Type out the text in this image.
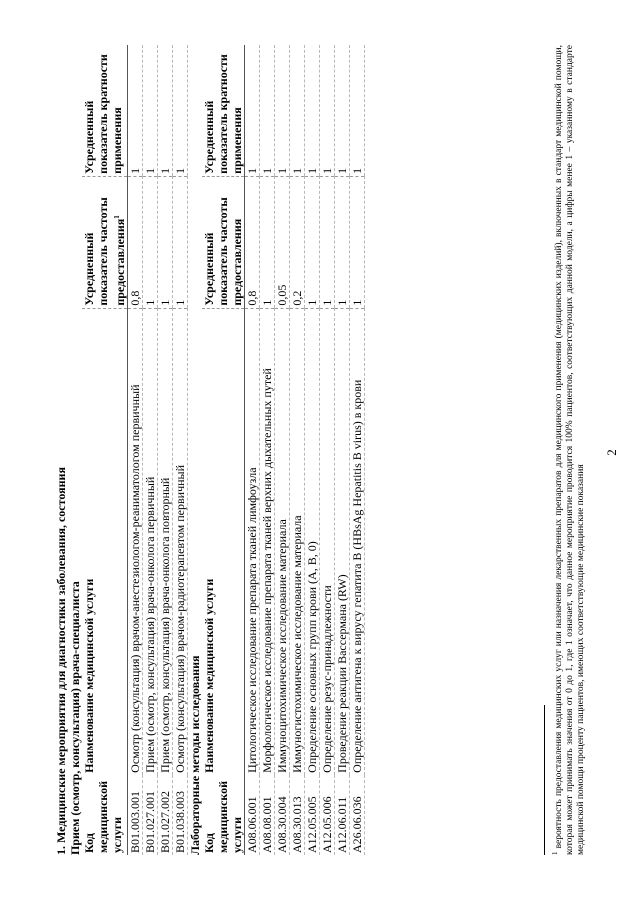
1. Медицинские мероприятия для диагностики заболевания, состояния Прием (осмотр, консультация) врача-специалиста Код медицинской услуги	Наименование медицинской услуги	Усредненный показатель частоты предоставления$^1$	Усредненный показатель кратности применения
B01.003.001	Осмотр (консультация) врачом-анестезиологом-реаниматологом первичный	0,8	1
B01.027.001	Прием (осмотр, консультация) врача-онколога первичный	1	1
B01.027.002	Прием (осмотр, консультация) врача-онколога повторный	1	1
B01.038.003	Осмотр (консультация) врачом-радиотерапевтом первичный	1	1
Лабораторные методы исследования Код медицинской услуги	Наименование медицинской услуги	Усредненный показатель частоты предоставления	Усредненный показатель кратности применения
A08.06.001	Цитологическое исследование препарата тканей лимфоузла	0,8	1
A08.08.001	Морфологическое исследование препарата тканей верхних дыхательных путей	1	1
A08.30.004	Иммуноцитохимическое исследование материала	0,05	1
A08.30.013	Иммуногистохимическое исследование материала	0,2	1
A12.05.005	Определение основных групп крови (A, B, 0)	1	1
A12.05.006	Определение резус-принадлежности	1	1
A12.06.011	Проведение реакции Вассермана (RW)	1	1
A26.06.036	Определение антигена к вирусу гепатита B (HBsAg Hepatitis B virus) в крови	1	1
$^1$ вероятность предоставления медицинских услуг или назначения лекарственных препаратов для медицинского применения (медицинских изделий), включенных в стандарт медицинской помощи, которая может принимать значения от 0 до 1, где 1 означает, что данное мероприятие проводится 100% пациентов, соответствующих данной модели, а цифры менее 1 – указанному в стандарте медицинской помощи проценту пациентов, имеющих соответствующие медицинские показания
2
